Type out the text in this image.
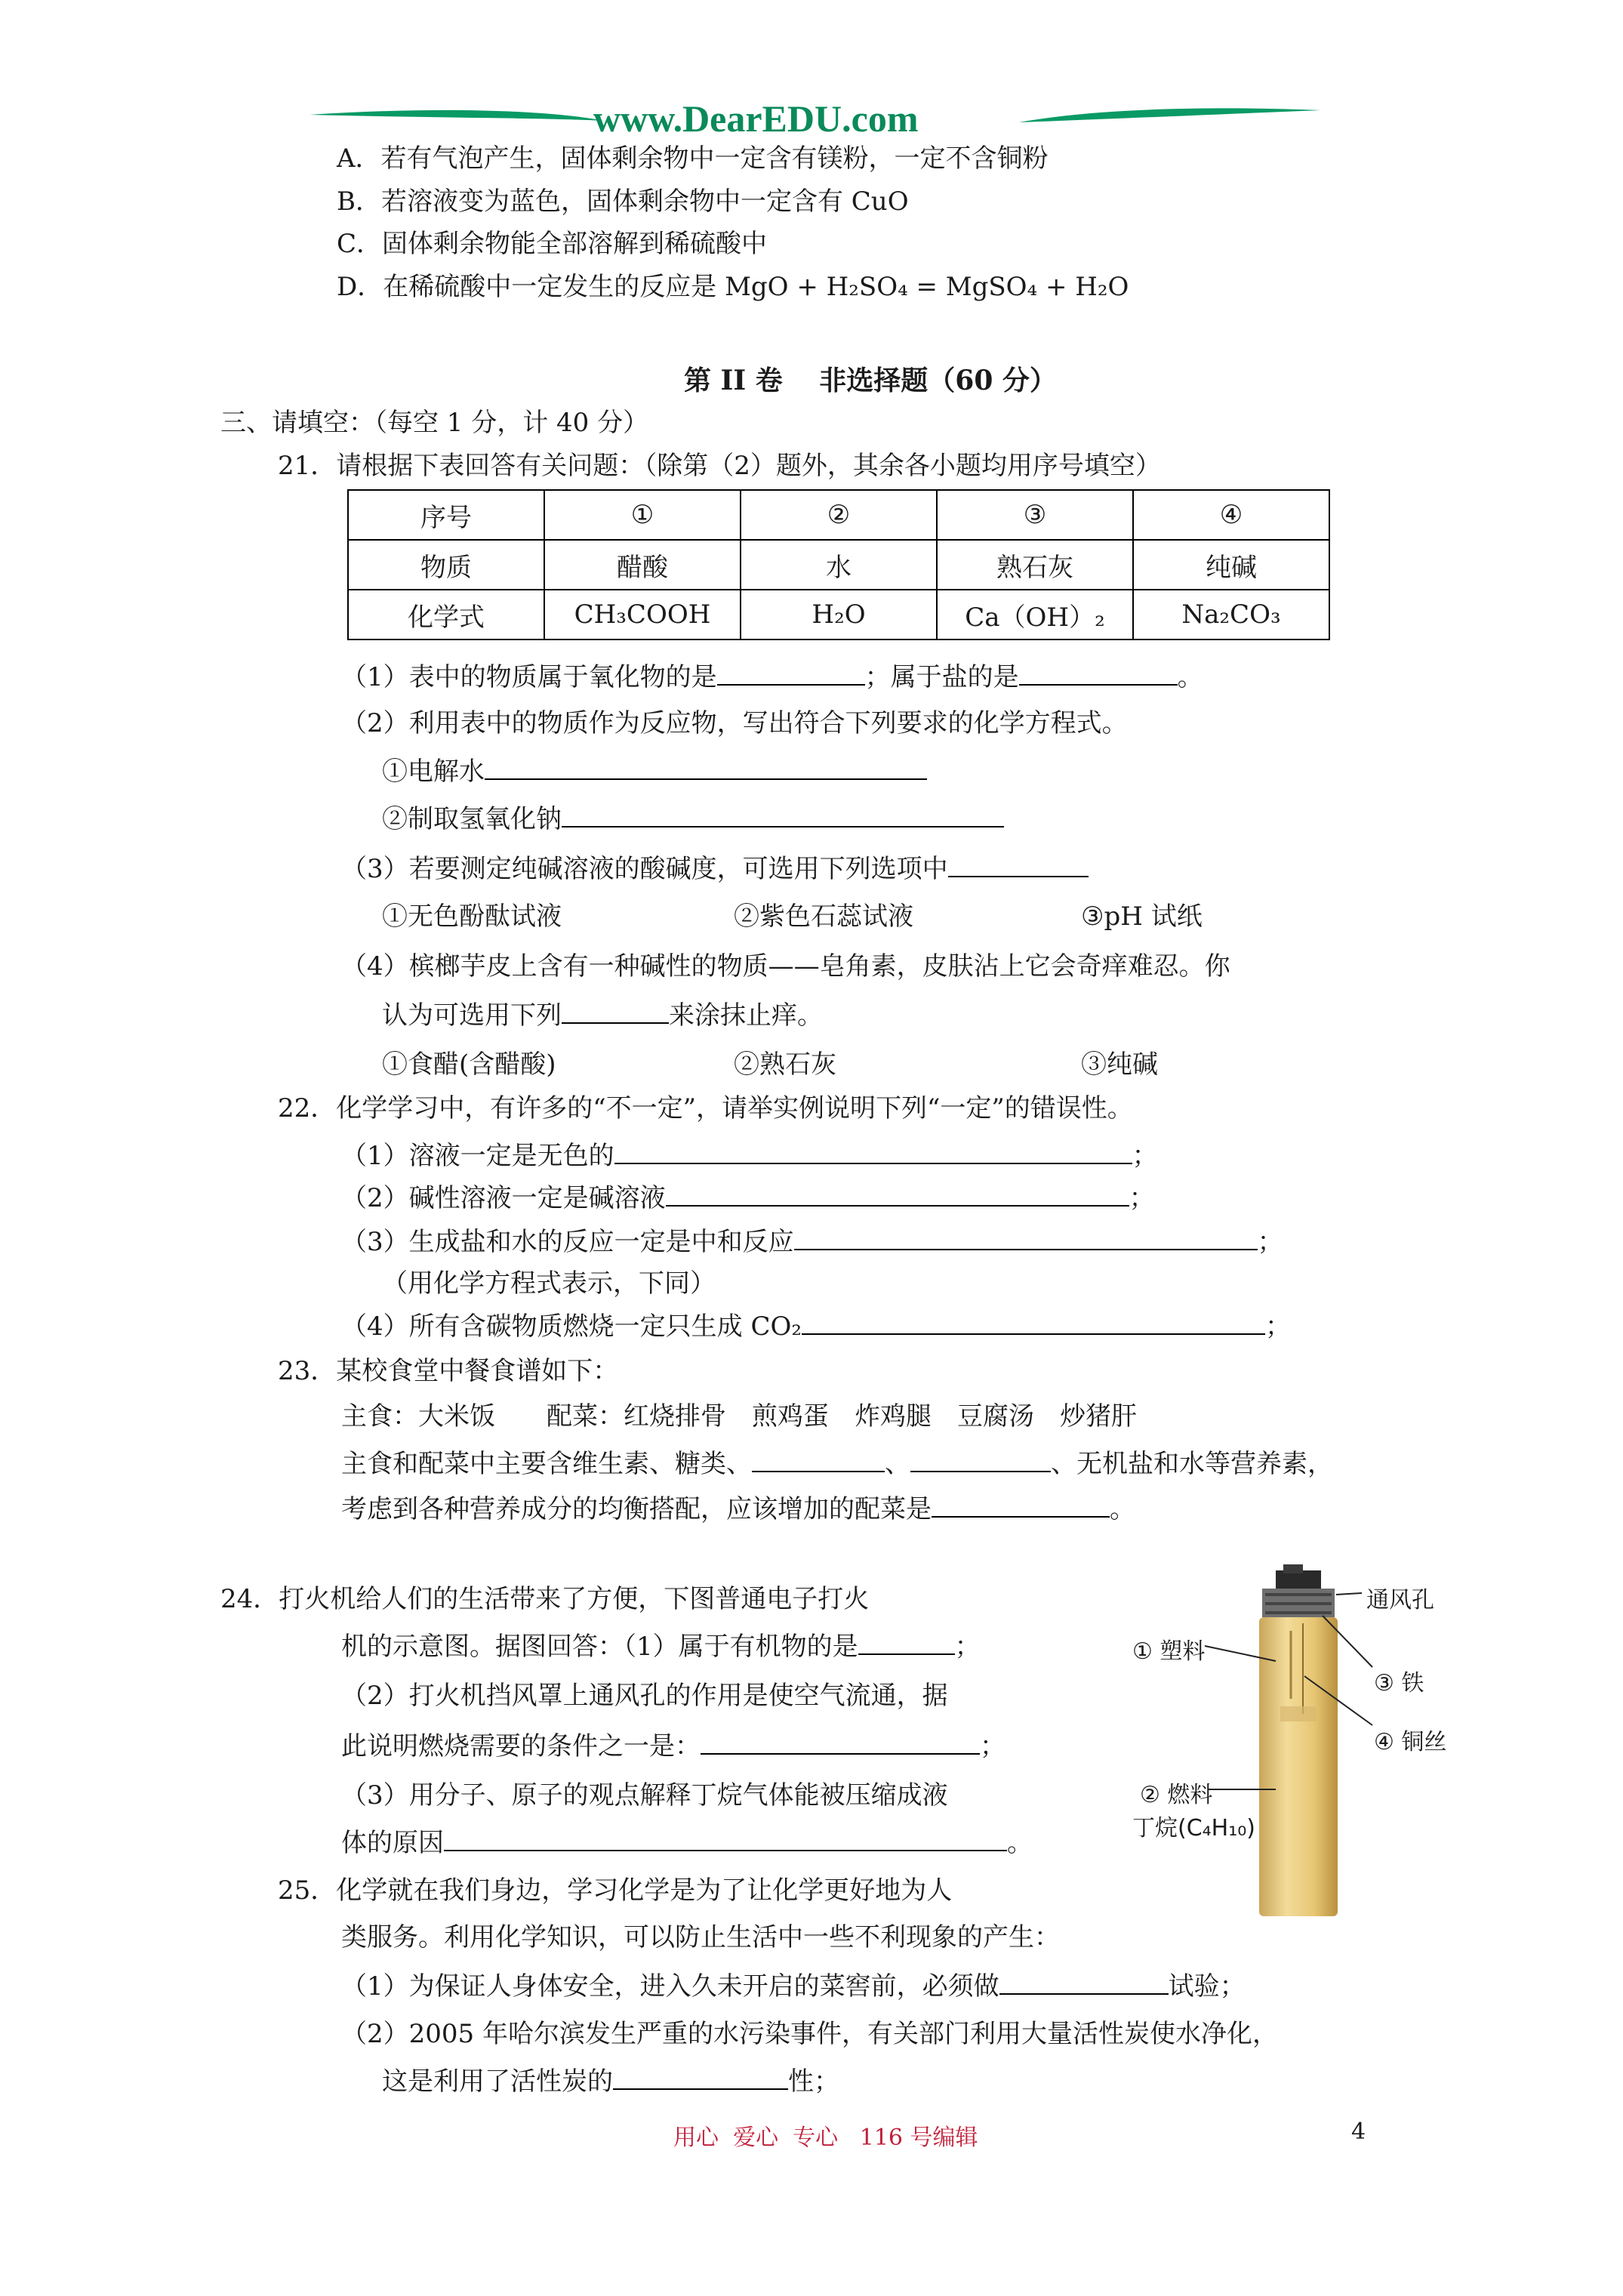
www.DearEDU.com
A．若有气泡产生，固体剩余物中一定含有镁粉，一定不含铜粉
B．若溶液变为蓝色，固体剩余物中一定含有 CuO
C．固体剩余物能全部溶解到稀硫酸中
D．在稀硫酸中一定发生的反应是 MgO + H₂SO₄ = MgSO₄ + H₂O
第 II 卷　 非选择题（60 分）
三、请填空：（每空 1 分，计 40 分）
21．请根据下表回答有关问题：（除第（2）题外，其余各小题均用序号填空）
序号	①	②	③	④
物质	醋酸	水	熟石灰	纯碱
化学式	CH₃COOH	H₂O	Ca（OH）₂	Na₂CO₃
（1）表中的物质属于氧化物的是	；属于盐的是	。
（2）利用表中的物质作为反应物，写出符合下列要求的化学方程式。
①电解水
②制取氢氧化钠
（3）若要测定纯碱溶液的酸碱度，可选用下列选项中
①无色酚酞试液	②紫色石蕊试液	③pH 试纸
（4）槟榔芋皮上含有一种碱性的物质——皂角素，皮肤沾上它会奇痒难忍。你
认为可选用下列	来涂抹止痒。
①食醋(含醋酸)	②熟石灰	③纯碱
22．化学学习中，有许多的“不一定”，请举实例说明下列“一定”的错误性。
（1）溶液一定是无色的	；
（2）碱性溶液一定是碱溶液	；
（3）生成盐和水的反应一定是中和反应	；
（用化学方程式表示，下同）
（4）所有含碳物质燃烧一定只生成 CO₂	；
23．某校食堂中餐食谱如下：
主食：大米饭　　配菜：红烧排骨　煎鸡蛋　炸鸡腿　豆腐汤　炒猪肝
主食和配菜中主要含维生素、糖类、	、	、无机盐和水等营养素，
考虑到各种营养成分的均衡搭配，应该增加的配菜是	。
24．打火机给人们的生活带来了方便，下图普通电子打火
机的示意图。据图回答：（1）属于有机物的是	；
（2）打火机挡风罩上通风孔的作用是使空气流通，据
此说明燃烧需要的条件之一是：	；
（3）用分子、原子的观点解释丁烷气体能被压缩成液
体的原因	。
通风孔
① 塑料
③ 铁
④ 铜丝
② 燃料
丁烷(C₄H₁₀)
25．化学就在我们身边，学习化学是为了让化学更好地为人
类服务。利用化学知识，可以防止生活中一些不利现象的产生：
（1）为保证人身体安全，进入久未开启的菜窖前，必须做	试验；
（2）2005 年哈尔滨发生严重的水污染事件，有关部门利用大量活性炭使水净化，
这是利用了活性炭的	性；
用心  爱心  专心   116 号编辑	4
